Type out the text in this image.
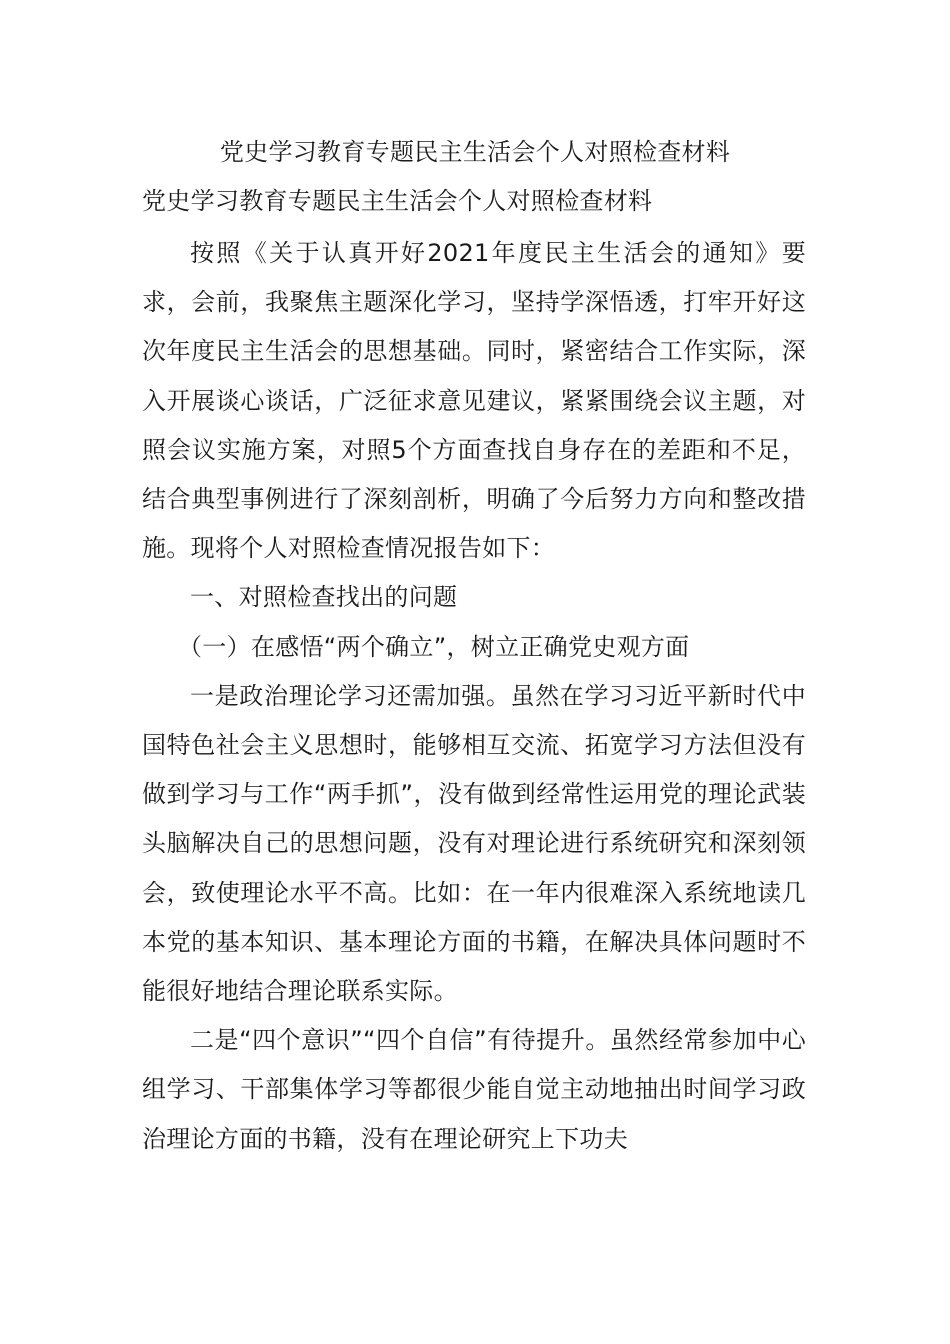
党史学习教育专题民主生活会个人对照检查材料
党史学习教育专题民主生活会个人对照检查材料

按照《关于认真开好2021年度民主生活会的通知》要求，会前，我聚焦主题深化学习，坚持学深悟透，打牢开好这次年度民主生活会的思想基础。同时，紧密结合工作实际，深入开展谈心谈话，广泛征求意见建议，紧紧围绕会议主题，对照会议实施方案，对照5个方面查找自身存在的差距和不足，结合典型事例进行了深刻剖析，明确了今后努力方向和整改措施。现将个人对照检查情况报告如下：

一、对照检查找出的问题

（一）在感悟“两个确立”，树立正确党史观方面

一是政治理论学习还需加强。虽然在学习习近平新时代中国特色社会主义思想时，能够相互交流、拓宽学习方法但没有做到学习与工作“两手抓”，没有做到经常性运用党的理论武装头脑解决自己的思想问题，没有对理论进行系统研究和深刻领会，致使理论水平不高。比如：在一年内很难深入系统地读几本党的基本知识、基本理论方面的书籍，在解决具体问题时不能很好地结合理论联系实际。

二是“四个意识”“四个自信”有待提升。虽然经常参加中心组学习、干部集体学习等都很少能自觉主动地抽出时间学习政治理论方面的书籍，没有在理论研究上下功夫
